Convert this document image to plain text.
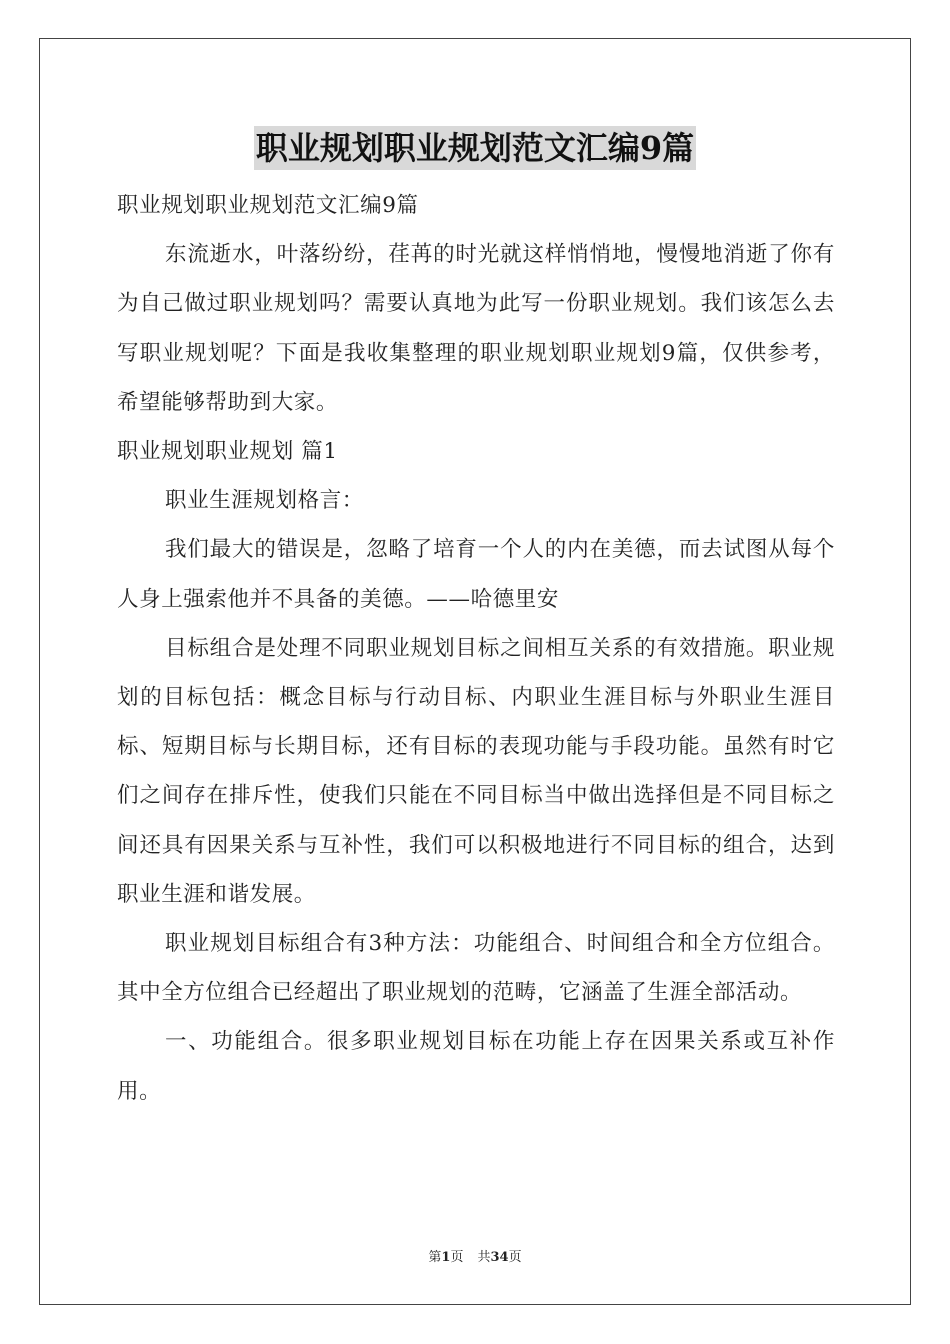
职业规划职业规划范文汇编9篇

职业规划职业规划范文汇编9篇

东流逝水，叶落纷纷，荏苒的时光就这样悄悄地，慢慢地消逝了你有为自己做过职业规划吗？需要认真地为此写一份职业规划。我们该怎么去写职业规划呢？下面是我收集整理的职业规划职业规划9篇，仅供参考，希望能够帮助到大家。

职业规划职业规划 篇1

职业生涯规划格言：

我们最大的错误是，忽略了培育一个人的内在美德，而去试图从每个人身上强索他并不具备的美德。——哈德里安

目标组合是处理不同职业规划目标之间相互关系的有效措施。职业规划的目标包括：概念目标与行动目标、内职业生涯目标与外职业生涯目标、短期目标与长期目标，还有目标的表现功能与手段功能。虽然有时它们之间存在排斥性，使我们只能在不同目标当中做出选择但是不同目标之间还具有因果关系与互补性，我们可以积极地进行不同目标的组合，达到职业生涯和谐发展。

职业规划目标组合有3种方法：功能组合、时间组合和全方位组合。其中全方位组合已经超出了职业规划的范畴，它涵盖了生涯全部活动。

一、功能组合。很多职业规划目标在功能上存在因果关系或互补作用。

第1页 共34页
